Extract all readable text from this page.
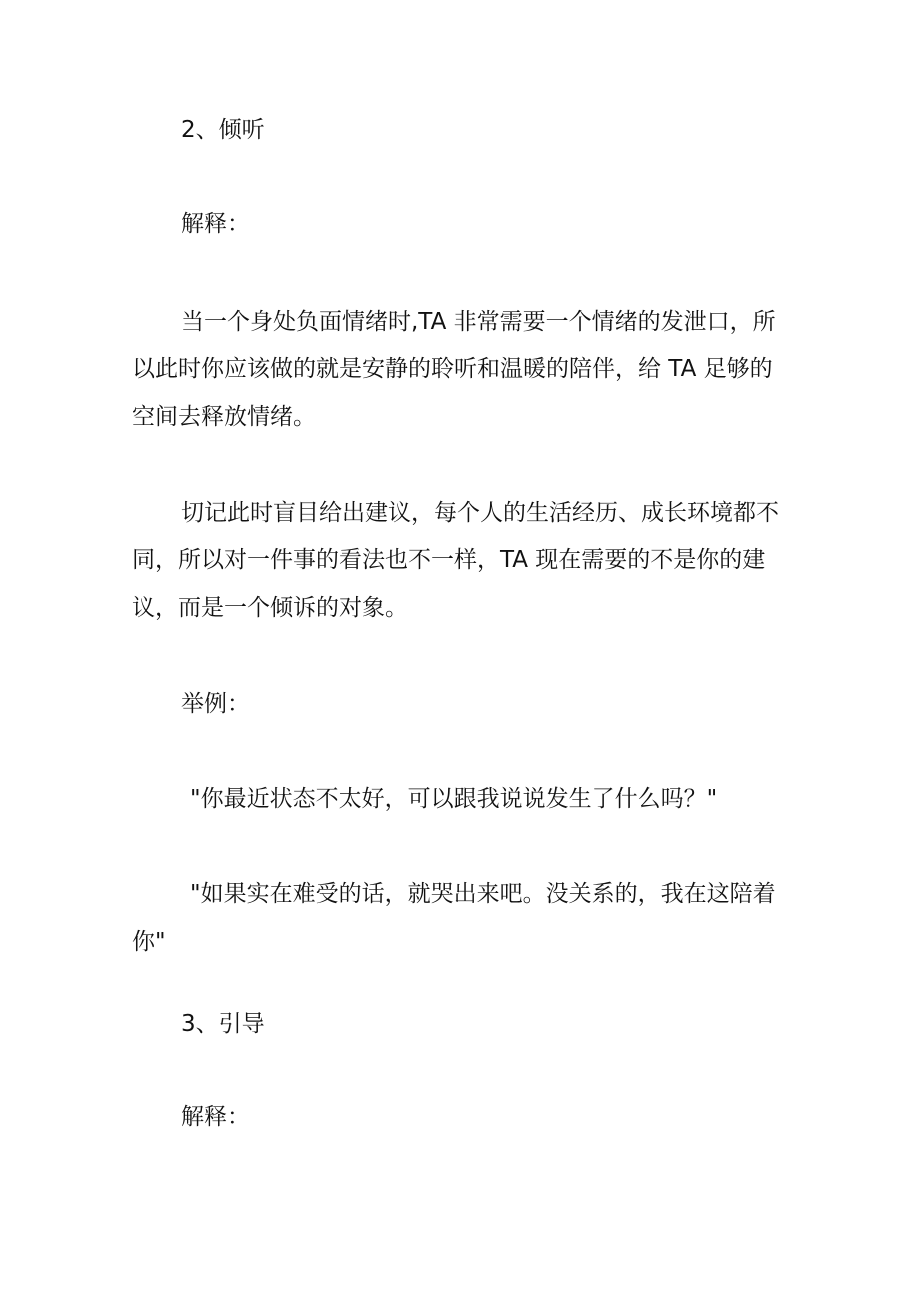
2、倾听
解释：
当一个身处负面情绪时,TA 非常需要一个情绪的发泄口，所
以此时你应该做的就是安静的聆听和温暖的陪伴，给 TA 足够的
空间去释放情绪。
切记此时盲目给出建议，每个人的生活经历、成长环境都不
同，所以对一件事的看法也不一样，TA 现在需要的不是你的建
议，而是一个倾诉的对象。
举例：
"你最近状态不太好，可以跟我说说发生了什么吗？"
"如果实在难受的话，就哭出来吧。没关系的，我在这陪着
你"
3、引导
解释：
